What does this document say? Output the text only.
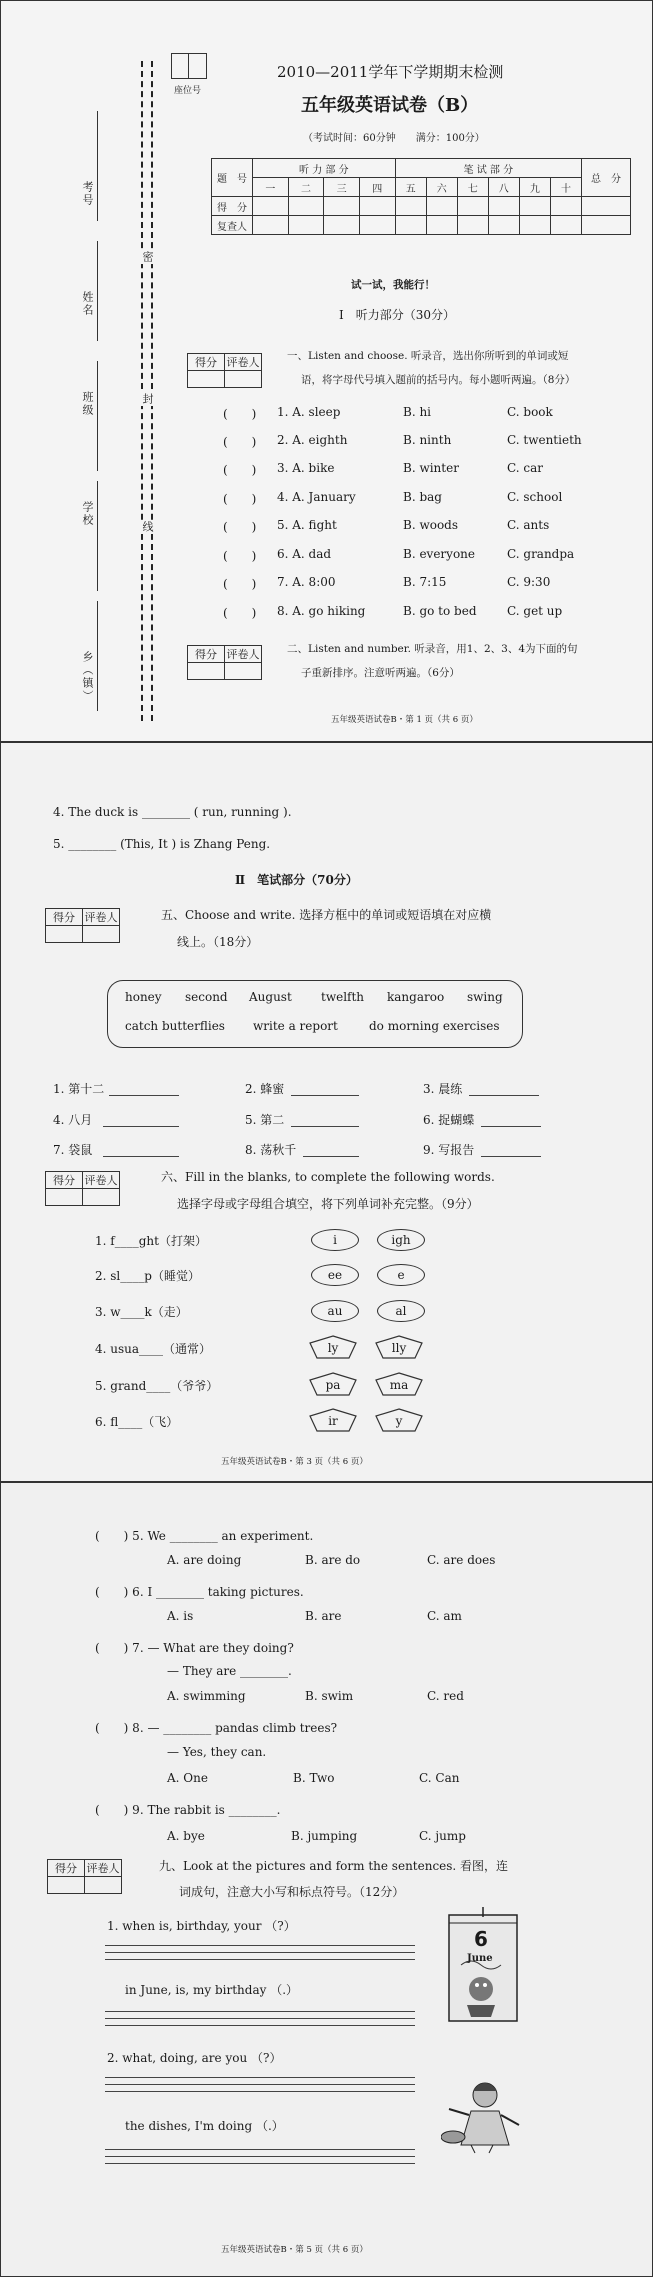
座位号
密
封
线
考号
姓名
班级
学校
乡（镇）
2010—2011学年下学期期末检测
五年级英语试卷（B）
（考试时间：60分钟　　满分：100分）
题　号	听 力 部 分				笔 试 部 分						总　分
	一	二	三	四	五	六	七	八	九	十	
得　分											
复查人											
试一试，我能行！
Ⅰ　听力部分（30分）
得分	评卷人
		一、Listen and choose. 听录音，选出你所听到的单词或短
语，将字母代号填入题前的括号内。每小题听两遍。（8分）
(　　) 1. A. sleep	B. hi	C. book
(　　) 2. A. eighth	B. ninth	C. twentieth
(　　) 3. A. bike	B. winter	C. car
(　　) 4. A. January	B. bag	C. school
(　　) 5. A. fight	B. woods	C. ants
(　　) 6. A. dad	B. everyone	C. grandpa
(　　) 7. A. 8:00	B. 7:15	C. 9:30
(　　) 8. A. go hiking	B. go to bed	C. get up
得分	评卷人
		二、Listen and number. 听录音，用1、2、3、4为下面的句
子重新排序。注意听两遍。（6分）
五年级英语试卷B・第 1 页（共 6 页）
4. The duck is ________ ( run, running ).
5. ________ (This, It ) is Zhang Peng.
Ⅱ　笔试部分（70分）
得分	评卷人
		五、Choose and write. 选择方框中的单词或短语填在对应横
线上。（18分）
honey second August twelfth kangaroo swing
catch butterflies write a report	do morning exercises
1. 第十二	2. 蜂蜜	3. 晨练
4. 八月	5. 第二	6. 捉蝴蝶
7. 袋鼠	8. 荡秋千	9. 写报告
得分	评卷人
		六、Fill in the blanks, to complete the following words.
选择字母或字母组合填空，将下列单词补充完整。（9分）
1. f____ght（打架）	i	igh
2. sl____p（睡觉）	ee	e
3. w____k（走）	au	al
4. usua____（通常）	ly	lly
5. grand____（爷爷）	pa	ma
6. fl____（飞）	ir	y
五年级英语试卷B・第 3 页（共 6 页）
(　　) 5. We ________ an experiment.
A. are doing	B. are do	C. are does
(　　) 6. I ________ taking pictures.
A. is	B. are	C. am
(　　) 7. — What are they doing?
— They are ________.
A. swimming	B. swim	C. red
(　　) 8. — ________ pandas climb trees?
— Yes, they can.
A. One	B. Two	C. Can
(　　) 9. The rabbit is ________.
A. bye	B. jumping	C. jump
得分	评卷人
		九、Look at the pictures and form the sentences. 看图，连
词成句，注意大小写和标点符号。（12分）
1. when is, birthday, your （?）
in June, is, my birthday （.）
6
June
2. what, doing, are you （?）
the dishes, I'm doing （.）
五年级英语试卷B・第 5 页（共 6 页）
